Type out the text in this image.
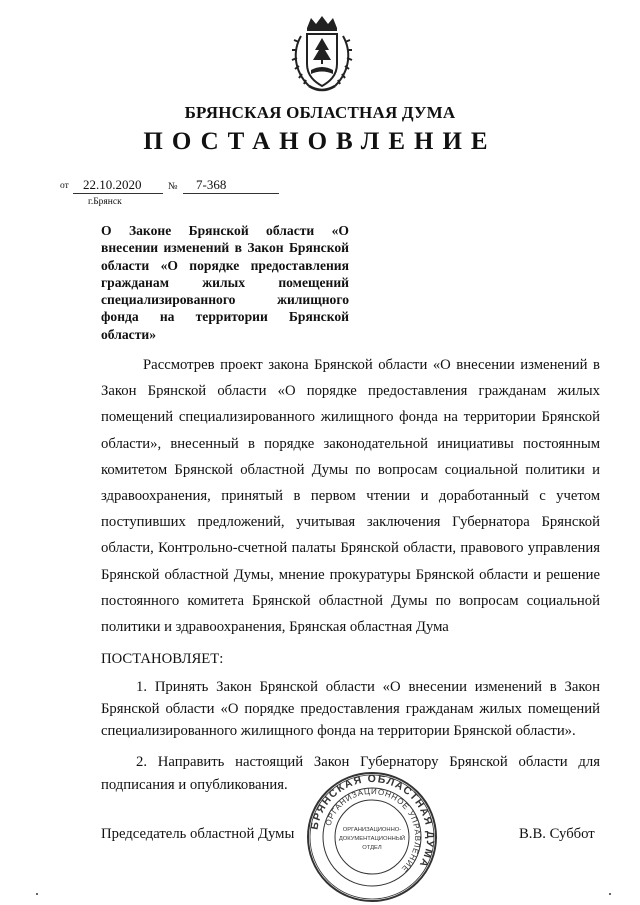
БРЯНСКАЯ ОБЛАСТНАЯ ДУМА
ПОСТАНОВЛЕНИЕ
от 22.10.2020	№ 7-368
г.Брянск
О Законе Брянской области «О внесении изменений в Закон Брянской области «О порядке предоставления гражданам жилых помещений специализированного жилищного фонда на территории Брянской области»
Рассмотрев проект закона Брянской области «О внесении изменений в Закон Брянской области «О порядке предоставления гражданам жилых помещений специализированного жилищного фонда на территории Брянской области», внесенный в порядке законодательной инициативы постоянным комитетом Брянской областной Думы по вопросам социальной политики и здравоохранения, принятый в первом чтении и доработанный с учетом поступивших предложений, учитывая заключения Губернатора Брянской области, Контрольно-счетной палаты Брянской области, правового управления Брянской областной Думы, мнение прокуратуры Брянской области и решение постоянного комитета Брянской областной Думы по вопросам социальной политики и здравоохранения, Брянская областная Дума
ПОСТАНОВЛЯЕТ:
1. Принять Закон Брянской области «О внесении изменений в Закон Брянской области «О порядке предоставления гражданам жилых помещений специализированного жилищного фонда на территории Брянской области».
2. Направить настоящий Закон Губернатору Брянской области для подписания и опубликования.
Председатель областной Думы	В.В. Суббот
БРЯНСКАЯ ОБЛАСТНАЯ ДУМА
ОРГАНИЗАЦИОННОЕ УПРАВЛЕНИЕ
ОРГАНИЗАЦИОННО-
ДОКУМЕНТАЦИОННЫЙ
ОТДЕЛ
